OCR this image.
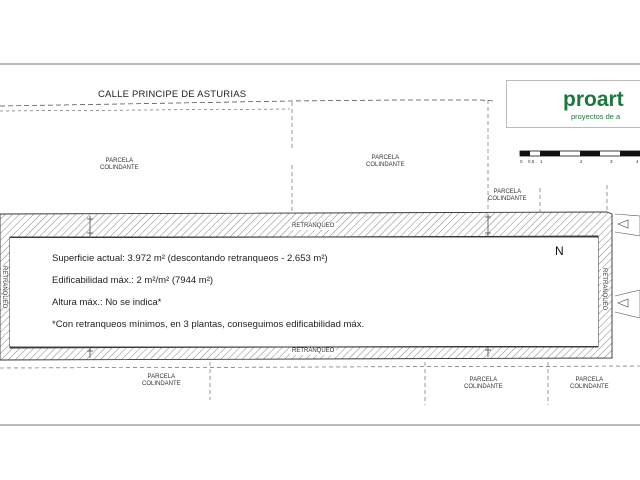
CALLE PRINCIPE DE ASTURIAS	proart
proyectos de a
0 0,5 1	2	3	4
PARCELA
COLINDANTE
PARCELA
COLINDANTE
PARCELA
COLINDANTE
PARCELA
COLINDANTE
PARCELA
COLINDANTE
PARCELA
COLINDANTE
RETRANQUEO
RETRANQUEO
RETRANQUEO	RETRANQUEO
Superficie actual: 3.972 m² (descontando retranqueos - 2.653 m²)
Edificabilidad máx.: 2 m²/m² (7944 m²)
Altura máx.: No se indica*
*Con retranqueos mínimos, en 3 plantas, conseguimos edificabilidad máx.
N
